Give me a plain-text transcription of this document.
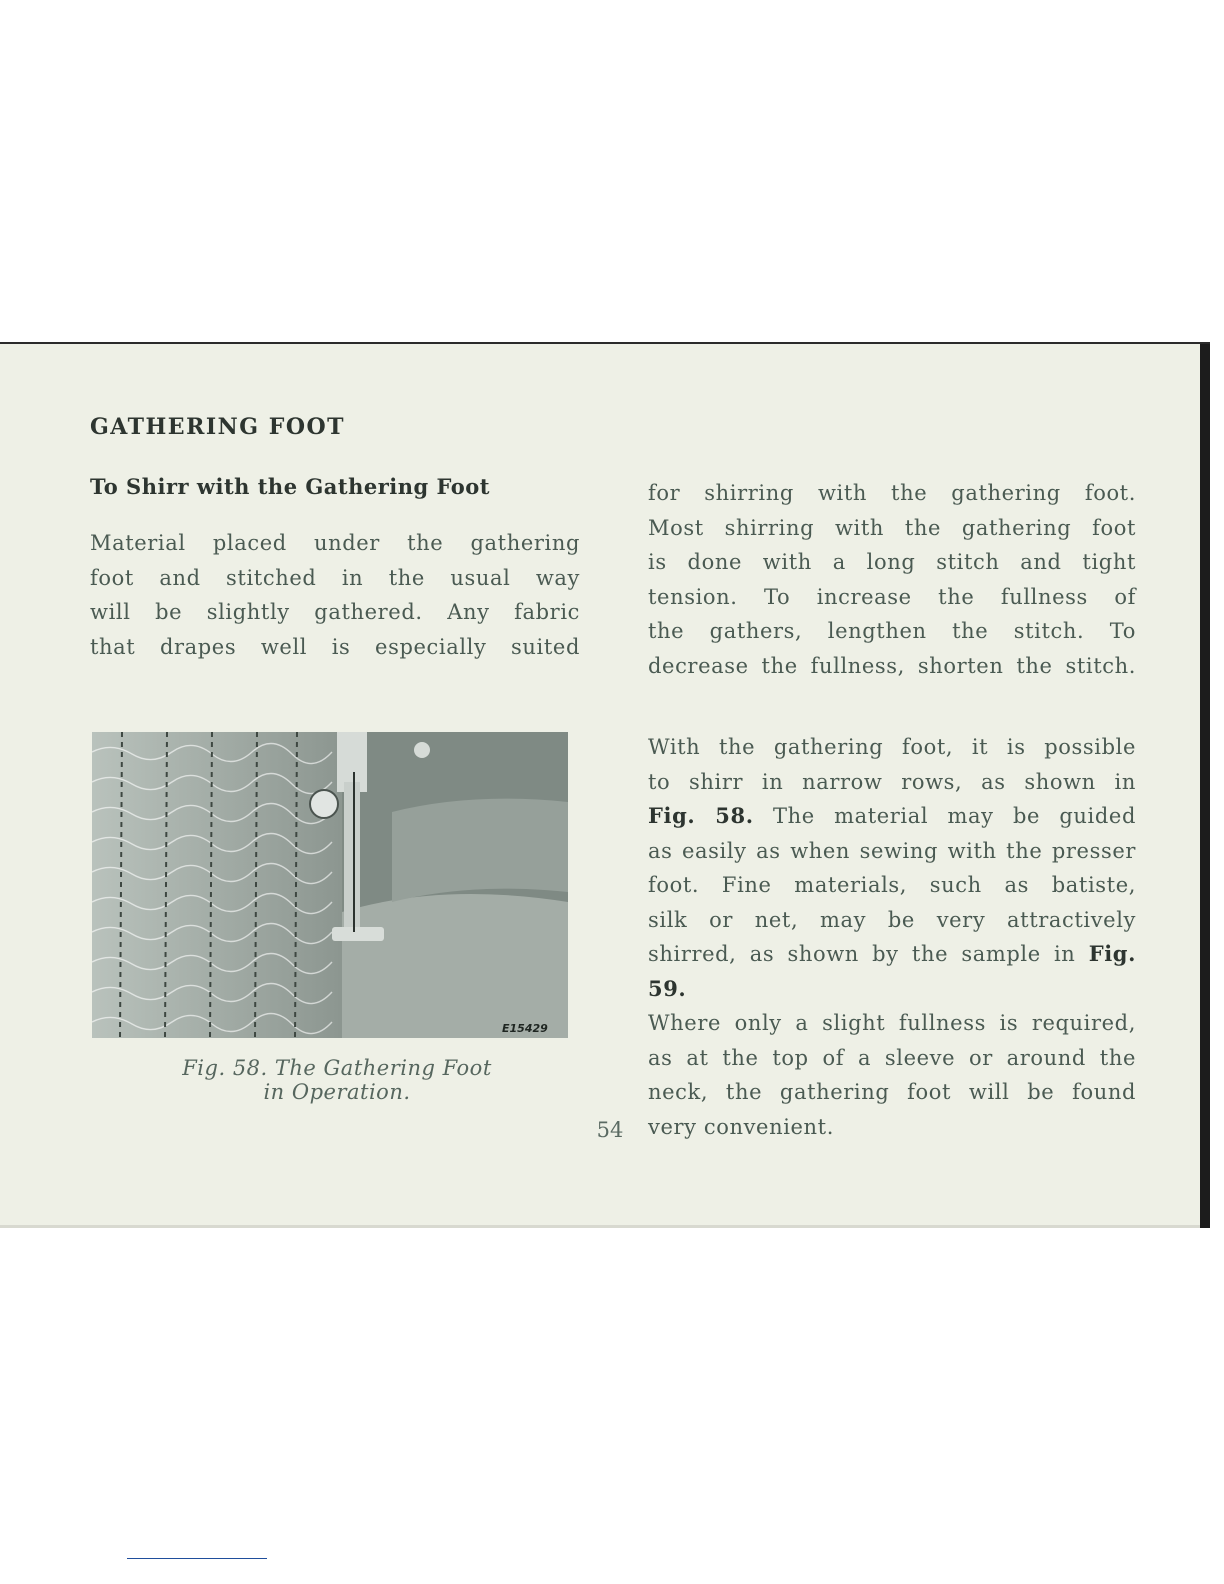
GATHERING FOOT
To Shirr with the Gathering Foot
Material placed under the gathering
foot and stitched in the usual way
will be slightly gathered. Any fabric
that drapes well is especially suited
E15429
Fig. 58. The Gathering Foot
in Operation.
for shirring with the gathering foot.
Most shirring with the gathering foot
is done with a long stitch and tight
tension. To increase the fullness of
the gathers, lengthen the stitch. To
decrease the fullness, shorten the stitch.
With the gathering foot, it is possible
to shirr in narrow rows, as shown in
Fig. 58. The material may be guided
as easily as when sewing with the presser
foot. Fine materials, such as batiste,
silk or net, may be very attractively
shirred, as shown by the sample in Fig. 59.
Where only a slight fullness is required,
as at the top of a sleeve or around the
neck, the gathering foot will be found
very convenient.
54
